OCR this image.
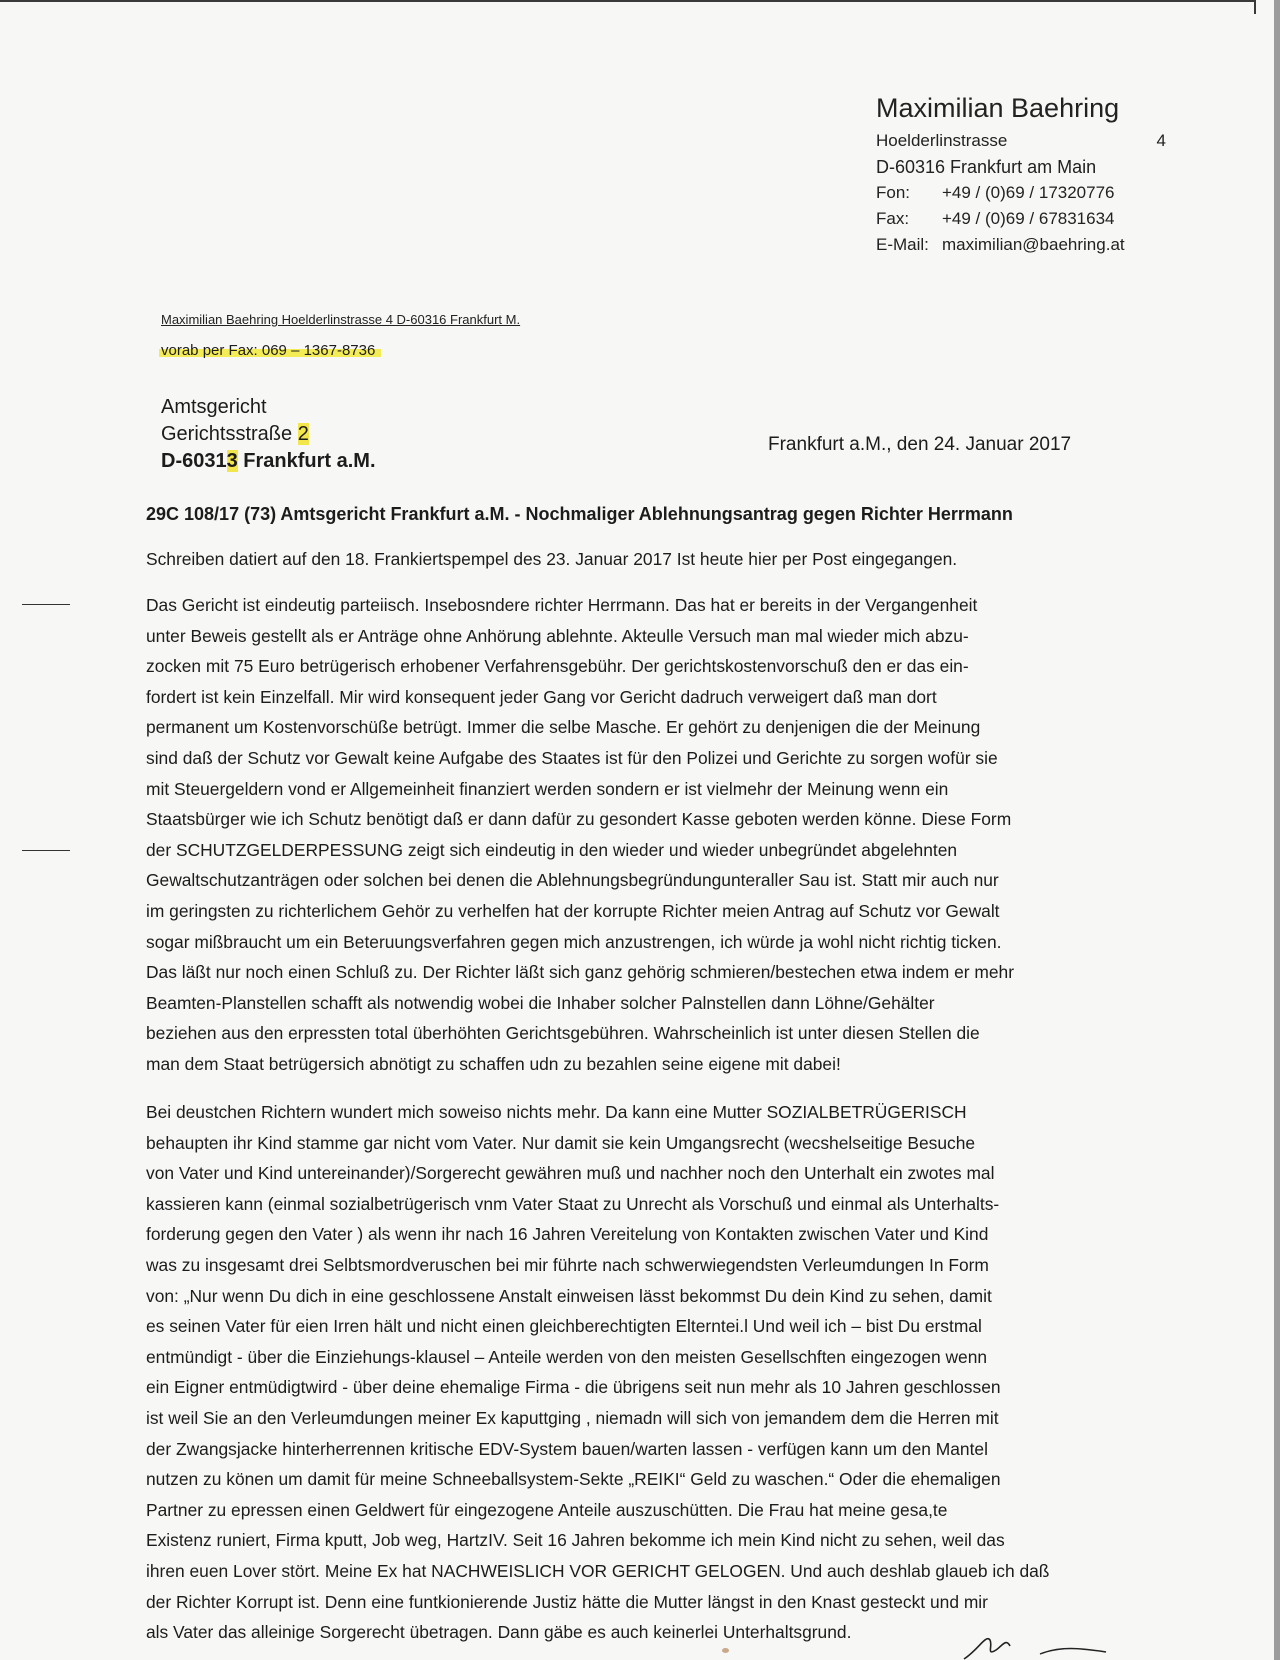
Maximilian Baehring
Hoelderlinstrasse	4
D-60316 Frankfurt am Main
Fon:	+49 / (0)69 / 17320776
Fax:	+49 / (0)69 / 67831634
E-Mail: maximilian@baehring.at
Maximilian Baehring Hoelderlinstrasse 4 D-60316 Frankfurt M.
vorab per Fax: 069 – 1367-8736
Amtsgericht
Gerichtsstraße 2
D-60313 Frankfurt a.M.
Frankfurt a.M., den 24. Januar 2017
29C 108/17 (73) Amtsgericht Frankfurt a.M. - Nochmaliger Ablehnungsantrag gegen Richter Herrmann

Schreiben datiert auf den 18. Frankiertspempel des 23. Januar 2017 Ist heute hier per Post eingegangen.

Das Gericht ist eindeutig parteiisch. Insebosndere richter Herrmann. Das hat er bereits in der Vergangenheit
unter Beweis gestellt als er Anträge ohne Anhörung ablehnte. Akteulle Versuch man mal wieder mich abzu-
zocken mit 75 Euro betrügerisch erhobener Verfahrensgebühr. Der gerichtskostenvorschuß den er das ein-
fordert ist kein Einzelfall. Mir wird konsequent jeder Gang vor Gericht dadruch verweigert daß man dort
permanent um Kostenvorschüße betrügt. Immer die selbe Masche. Er gehört zu denjenigen die der Meinung
sind daß der Schutz vor Gewalt keine Aufgabe des Staates ist für den Polizei und Gerichte zu sorgen wofür sie
mit Steuergeldern vond er Allgemeinheit finanziert werden sondern er ist vielmehr der Meinung wenn ein
Staatsbürger wie ich Schutz benötigt daß er dann dafür zu gesondert Kasse geboten werden könne. Diese Form
der SCHUTZGELDERPESSUNG zeigt sich eindeutig in den wieder und wieder unbegründet abgelehnten
Gewaltschutzanträgen oder solchen bei denen die Ablehnungsbegründungunteraller Sau ist. Statt mir auch nur
im geringsten zu richterlichem Gehör zu verhelfen hat der korrupte Richter meien Antrag auf Schutz vor Gewalt
sogar mißbraucht um ein Beteruungsverfahren gegen mich anzustrengen, ich würde ja wohl nicht richtig ticken.
Das läßt nur noch einen Schluß zu. Der Richter läßt sich ganz gehörig schmieren/bestechen etwa indem er mehr
Beamten-Planstellen schafft als notwendig wobei die Inhaber solcher Palnstellen dann Löhne/Gehälter
beziehen aus den erpressten total überhöhten Gerichtsgebühren. Wahrscheinlich ist unter diesen Stellen die
man dem Staat betrügersich abnötigt zu schaffen udn zu bezahlen seine eigene mit dabei!

Bei deustchen Richtern wundert mich soweiso nichts mehr. Da kann eine Mutter SOZIALBETRÜGERISCH
behaupten ihr Kind stamme gar nicht vom Vater. Nur damit sie kein Umgangsrecht (wecshelseitige Besuche
von Vater und Kind untereinander)/Sorgerecht gewähren muß und nachher noch den Unterhalt ein zwotes mal
kassieren kann (einmal sozialbetrügerisch vnm Vater Staat zu Unrecht als Vorschuß und einmal als Unterhalts-
forderung gegen den Vater ) als wenn ihr nach 16 Jahren Vereitelung von Kontakten zwischen Vater und Kind
was zu insgesamt drei Selbtsmordveruschen bei mir führte nach schwerwiegendsten Verleumdungen In Form
von: „Nur wenn Du dich in eine geschlossene Anstalt einweisen lässt bekommst Du dein Kind zu sehen, damit
es seinen Vater für eien Irren hält und nicht einen gleichberechtigten Elterntei.l Und weil ich – bist Du erstmal
entmündigt - über die Einziehungs-klausel – Anteile werden von den meisten Gesellschften eingezogen wenn
ein Eigner entmüdigtwird - über deine ehemalige Firma - die übrigens seit nun mehr als 10 Jahren geschlossen
ist weil Sie an den Verleumdungen meiner Ex kaputtging , niemadn will sich von jemandem dem die Herren mit
der Zwangsjacke hinterherrennen kritische EDV-System bauen/warten lassen - verfügen kann um den Mantel
nutzen zu könen um damit für meine Schneeballsystem-Sekte „REIKI“ Geld zu waschen.“ Oder die ehemaligen
Partner zu epressen einen Geldwert für eingezogene Anteile auszuschütten. Die Frau hat meine gesa,te
Existenz runiert, Firma kputt, Job weg, HartzIV. Seit 16 Jahren bekomme ich mein Kind nicht zu sehen, weil das
ihren euen Lover stört. Meine Ex hat NACHWEISLICH VOR GERICHT GELOGEN. Und auch deshlab glaueb ich daß
der Richter Korrupt ist. Denn eine funtkionierende Justiz hätte die Mutter längst in den Knast gesteckt und mir
als Vater das alleinige Sorgerecht übetragen. Dann gäbe es auch keinerlei Unterhaltsgrund.
